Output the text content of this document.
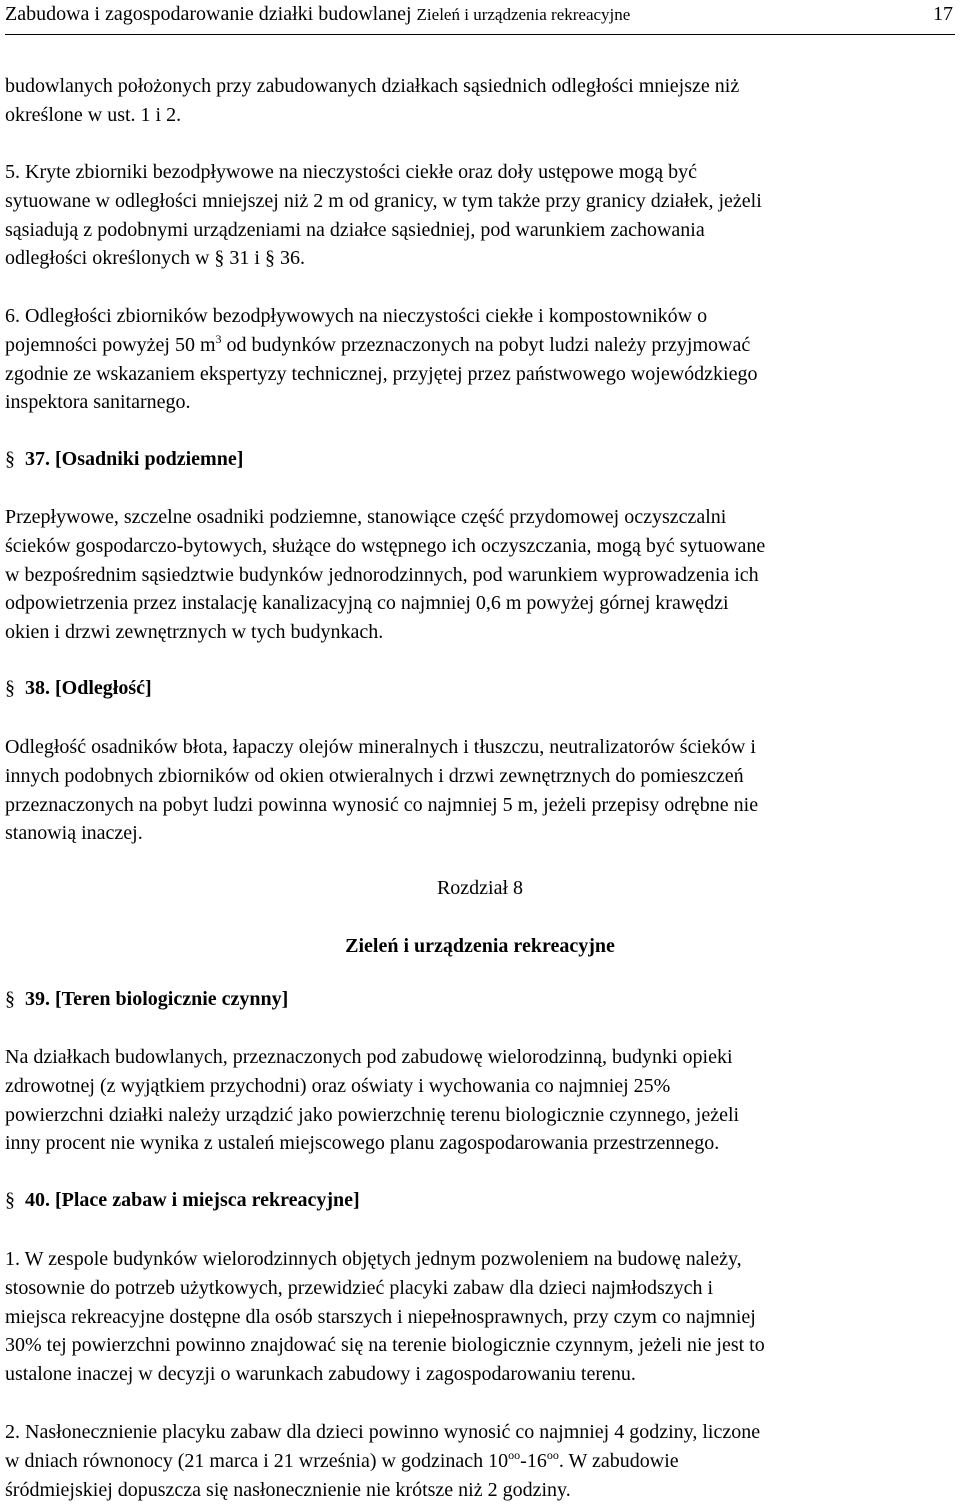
Zabudowa i zagospodarowanie działki budowlanej Zieleń i urządzenia rekreacyjne	17
budowlanych położonych przy zabudowanych działkach sąsiednich odległości mniejsze niż
określone w ust. 1 i 2.
5. Kryte zbiorniki bezodpływowe na nieczystości ciekłe oraz doły ustępowe mogą być
sytuowane w odległości mniejszej niż 2 m od granicy, w tym także przy granicy działek, jeżeli
sąsiadują z podobnymi urządzeniami na działce sąsiedniej, pod warunkiem zachowania
odległości określonych w § 31 i § 36.
6. Odległości zbiorników bezodpływowych na nieczystości ciekłe i kompostowników o
pojemności powyżej 50 $m^3$ od budynków przeznaczonych na pobyt ludzi należy przyjmować
zgodnie ze wskazaniem ekspertyzy technicznej, przyjętej przez państwowego wojewódzkiego
inspektora sanitarnego.
§ 37. [Osadniki podziemne]
Przepływowe, szczelne osadniki podziemne, stanowiące część przydomowej oczyszczalni
ścieków gospodarczo-bytowych, służące do wstępnego ich oczyszczania, mogą być sytuowane
w bezpośrednim sąsiedztwie budynków jednorodzinnych, pod warunkiem wyprowadzenia ich
odpowietrzenia przez instalację kanalizacyjną co najmniej 0,6 m powyżej górnej krawędzi
okien i drzwi zewnętrznych w tych budynkach.
§ 38. [Odległość]
Odległość osadników błota, łapaczy olejów mineralnych i tłuszczu, neutralizatorów ścieków i
innych podobnych zbiorników od okien otwieralnych i drzwi zewnętrznych do pomieszczeń
przeznaczonych na pobyt ludzi powinna wynosić co najmniej 5 m, jeżeli przepisy odrębne nie
stanowią inaczej.
Rozdział 8
Zieleń i urządzenia rekreacyjne
§ 39. [Teren biologicznie czynny]
Na działkach budowlanych, przeznaczonych pod zabudowę wielorodzinną, budynki opieki
zdrowotnej (z wyjątkiem przychodni) oraz oświaty i wychowania co najmniej 25%
powierzchni działki należy urządzić jako powierzchnię terenu biologicznie czynnego, jeżeli
inny procent nie wynika z ustaleń miejscowego planu zagospodarowania przestrzennego.
§ 40. [Place zabaw i miejsca rekreacyjne]
1. W zespole budynków wielorodzinnych objętych jednym pozwoleniem na budowę należy,
stosownie do potrzeb użytkowych, przewidzieć placyki zabaw dla dzieci najmłodszych i
miejsca rekreacyjne dostępne dla osób starszych i niepełnosprawnych, przy czym co najmniej
30% tej powierzchni powinno znajdować się na terenie biologicznie czynnym, jeżeli nie jest to
ustalone inaczej w decyzji o warunkach zabudowy i zagospodarowaniu terenu.
2. Nasłonecznienie placyku zabaw dla dzieci powinno wynosić co najmniej 4 godziny, liczone
w dniach równonocy (21 marca i 21 września) w godzinach $10^{oo}-16^{oo}$. W zabudowie
śródmiejskiej dopuszcza się nasłonecznienie nie krótsze niż 2 godziny.
